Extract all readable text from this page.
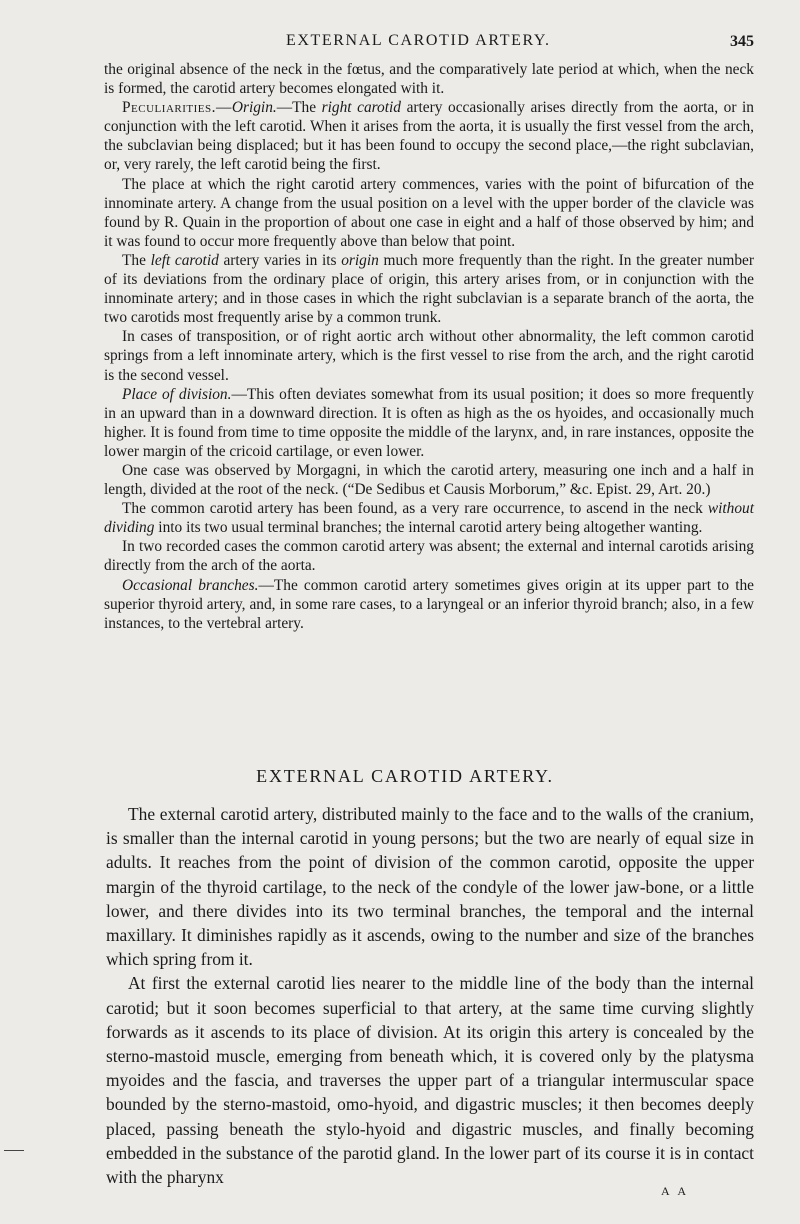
EXTERNAL CAROTID ARTERY.	345

the original absence of the neck in the fœtus, and the comparatively late period at which, when the neck is formed, the carotid artery becomes elongated with it.

Peculiarities.—Origin.—The right carotid artery occasionally arises directly from the aorta, or in conjunction with the left carotid. When it arises from the aorta, it is usually the first vessel from the arch, the subclavian being displaced; but it has been found to occupy the second place,—the right subclavian, or, very rarely, the left carotid being the first.

The place at which the right carotid artery commences, varies with the point of bifurcation of the innominate artery. A change from the usual position on a level with the upper border of the clavicle was found by R. Quain in the proportion of about one case in eight and a half of those observed by him; and it was found to occur more frequently above than below that point.

The left carotid artery varies in its origin much more frequently than the right. In the greater number of its deviations from the ordinary place of origin, this artery arises from, or in conjunction with the innominate artery; and in those cases in which the right subclavian is a separate branch of the aorta, the two carotids most frequently arise by a common trunk.

In cases of transposition, or of right aortic arch without other abnormality, the left common carotid springs from a left innominate artery, which is the first vessel to rise from the arch, and the right carotid is the second vessel.

Place of division.—This often deviates somewhat from its usual position; it does so more frequently in an upward than in a downward direction. It is often as high as the os hyoides, and occasionally much higher. It is found from time to time opposite the middle of the larynx, and, in rare instances, opposite the lower margin of the cricoid cartilage, or even lower.

One case was observed by Morgagni, in which the carotid artery, measuring one inch and a half in length, divided at the root of the neck. (“De Sedibus et Causis Morborum,” &c. Epist. 29, Art. 20.)

The common carotid artery has been found, as a very rare occurrence, to ascend in the neck without dividing into its two usual terminal branches; the internal carotid artery being altogether wanting.

In two recorded cases the common carotid artery was absent; the external and internal carotids arising directly from the arch of the aorta.

Occasional branches.—The common carotid artery sometimes gives origin at its upper part to the superior thyroid artery, and, in some rare cases, to a laryngeal or an inferior thyroid branch; also, in a few instances, to the vertebral artery.

EXTERNAL CAROTID ARTERY.

The external carotid artery, distributed mainly to the face and to the walls of the cranium, is smaller than the internal carotid in young persons; but the two are nearly of equal size in adults. It reaches from the point of division of the common carotid, opposite the upper margin of the thyroid cartilage, to the neck of the condyle of the lower jaw-bone, or a little lower, and there divides into its two terminal branches, the temporal and the internal maxillary. It diminishes rapidly as it ascends, owing to the number and size of the branches which spring from it.

At first the external carotid lies nearer to the middle line of the body than the internal carotid; but it soon becomes superficial to that artery, at the same time curving slightly forwards as it ascends to its place of division. At its origin this artery is concealed by the sterno-mastoid muscle, emerging from beneath which, it is covered only by the platysma myoides and the fascia, and traverses the upper part of a triangular intermuscular space bounded by the sterno-mastoid, omo-hyoid, and digastric muscles; it then becomes deeply placed, passing beneath the stylo-hyoid and digastric muscles, and finally becoming embedded in the substance of the parotid gland. In the lower part of its course it is in contact with the pharynx

A A
